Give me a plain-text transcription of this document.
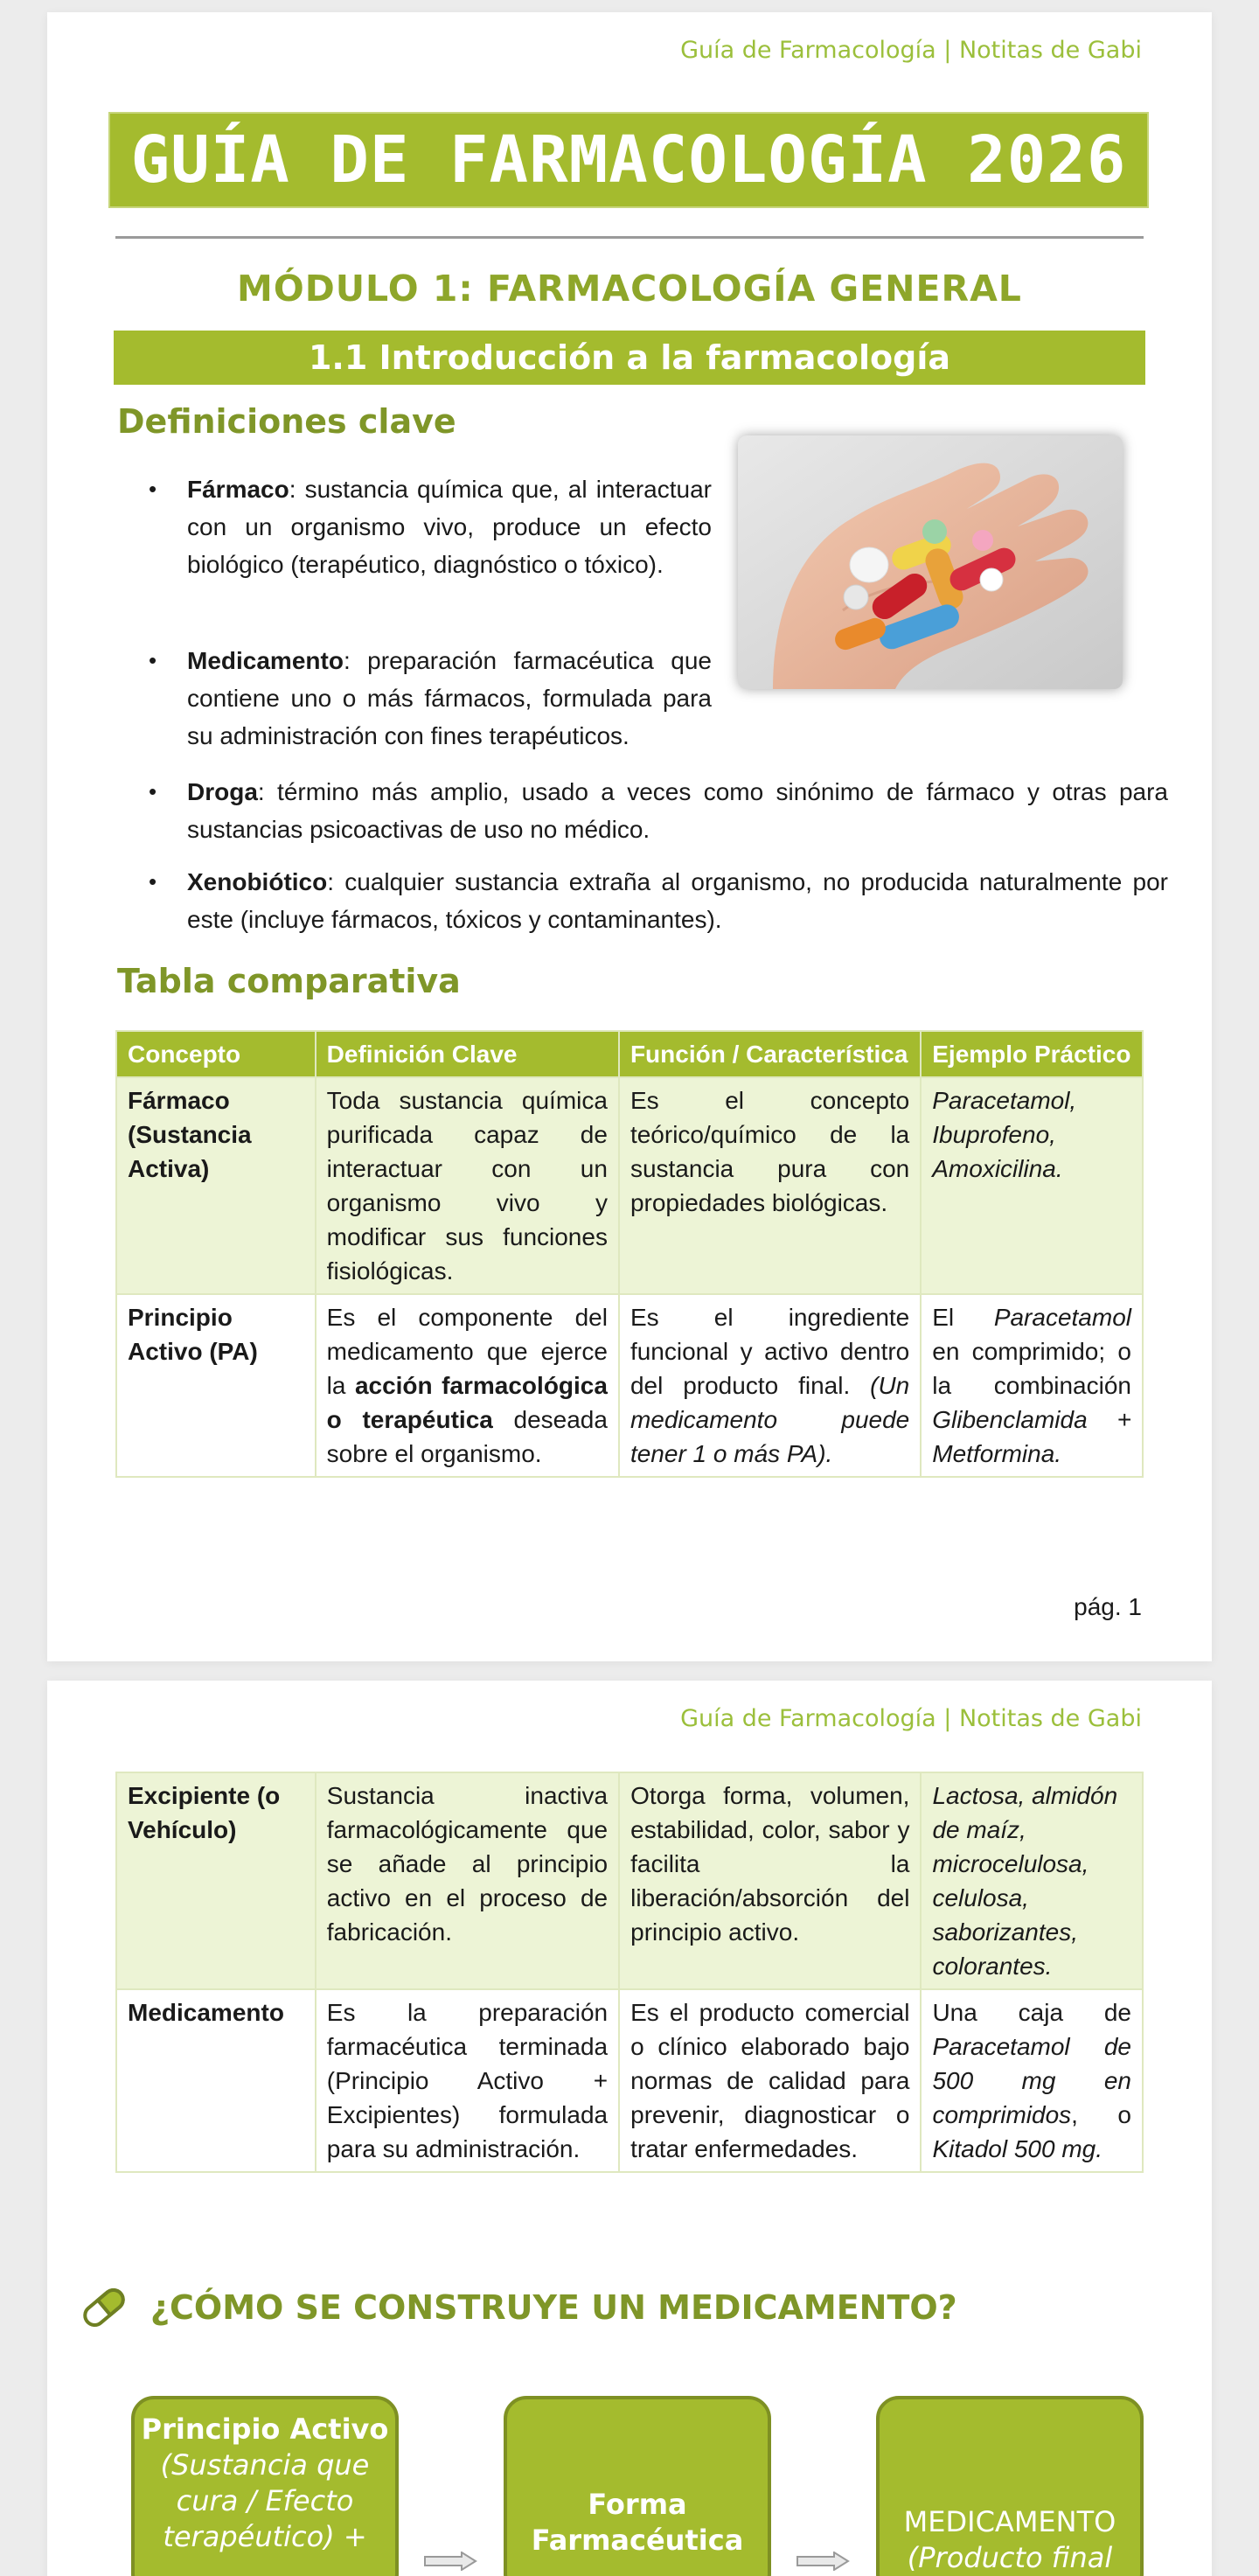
Guía de Farmacología | Notitas de Gabi
GUÍA DE FARMACOLOGÍA 2026
MÓDULO 1: FARMACOLOGÍA GENERAL
1.1 Introducción a la farmacología
Definiciones clave
• Fármaco: sustancia química que, al interactuar con un organismo vivo, produce un efecto biológico (terapéutico, diagnóstico o tóxico).
• Medicamento: preparación farmacéutica que contiene uno o más fármacos, formulada para su administración con fines terapéuticos.
• Droga: término más amplio, usado a veces como sinónimo de fármaco y otras para sustancias psicoactivas de uso no médico.
• Xenobiótico: cualquier sustancia extraña al organismo, no producida naturalmente por este (incluye fármacos, tóxicos y contaminantes).
Tabla comparativa
Concepto	Definición Clave	Función / Característica	Ejemplo Práctico
Fármaco (Sustancia Activa)	Toda sustancia química purificada capaz de interactuar con un organismo vivo y modificar sus funciones fisiológicas.	Es el concepto teórico/químico de la sustancia pura con propiedades biológicas.	Paracetamol, Ibuprofeno, Amoxicilina.
Principio Activo (PA)	Es el componente del medicamento que ejerce la acción farmacológica o terapéutica deseada sobre el organismo.	Es el ingrediente funcional y activo dentro del producto final. (Un medicamento puede tener 1 o más PA).	El Paracetamol en comprimido; o la combinación Glibenclamida + Metformina.
pág. 1
Guía de Farmacología | Notitas de Gabi
Excipiente (o Vehículo)	Sustancia inactiva farmacológicamente que se añade al principio activo en el proceso de fabricación.	Otorga forma, volumen, estabilidad, color, sabor y facilita la liberación/absorción del principio activo.	Lactosa, almidón de maíz, microcelulosa, celulosa, saborizantes, colorantes.
Medicamento	Es la preparación farmacéutica terminada (Principio Activo + Excipientes) formulada para su administración.	Es el producto comercial o clínico elaborado bajo normas de calidad para prevenir, diagnosticar o tratar enfermedades.	Una caja de Paracetamol de 500 mg en comprimidos, o Kitadol 500 mg.
¿CÓMO SE CONSTRUYE UN MEDICAMENTO?
Principio Activo
(Sustancia que cura / Efecto terapéutico) +
Forma Farmacéutica
MEDICAMENTO
(Producto final
